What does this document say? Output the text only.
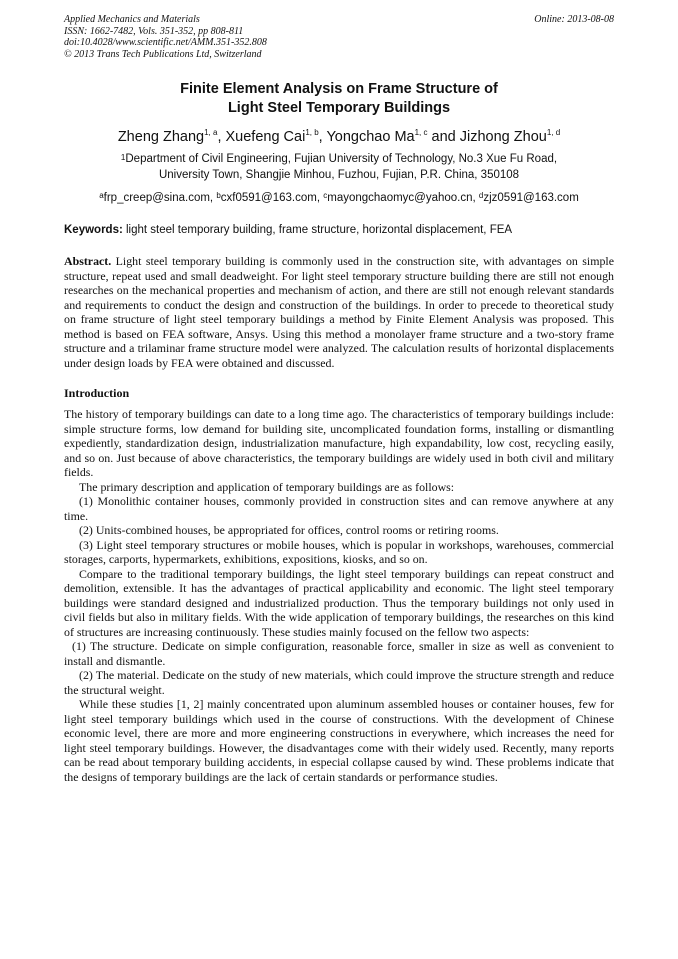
Applied Mechanics and Materials
ISSN: 1662-7482, Vols. 351-352, pp 808-811
doi:10.4028/www.scientific.net/AMM.351-352.808
© 2013 Trans Tech Publications Ltd, Switzerland
Online: 2013-08-08
Finite Element Analysis on Frame Structure of
Light Steel Temporary Buildings
Zheng Zhang$^{1, a}$, Xuefeng Cai$^{1, b}$, Yongchao Ma$^{1, c}$ and Jizhong Zhou$^{1, d}$
$^1$Department of Civil Engineering, Fujian University of Technology, No.3 Xue Fu Road,
University Town, Shangjie Minhou, Fuzhou, Fujian, P.R. China, 350108
$^a$frp_creep@sina.com, $^b$cxf0591@163.com, $^c$mayongchaomyc@yahoo.cn, $^d$zjz0591@163.com
Keywords: light steel temporary building, frame structure, horizontal displacement, FEA
Abstract. Light steel temporary building is commonly used in the construction site, with advantages on simple structure, repeat used and small deadweight. For light steel temporary structure building there are still not enough researches on the mechanical properties and mechanism of action, and there are still not enough relevant standards and requirements to conduct the design and construction of the buildings. In order to precede to theoretical study on frame structure of light steel temporary buildings a method by Finite Element Analysis was proposed. This method is based on FEA software, Ansys. Using this method a monolayer frame structure and a two-story frame structure and a trilaminar frame structure model were analyzed. The calculation results of horizontal displacements under design loads by FEA were obtained and discussed.
Introduction

The history of temporary buildings can date to a long time ago. The characteristics of temporary buildings include: simple structure forms, low demand for building site, uncomplicated foundation forms, installing or dismantling expediently, standardization design, industrialization manufacture, high expandability, low cost, recycling easily, and so on. Just because of above characteristics, the temporary buildings are widely used in both civil and military fields.

The primary description and application of temporary buildings are as follows:

(1) Monolithic container houses, commonly provided in construction sites and can remove anywhere at any time.

(2) Units-combined houses, be appropriated for offices, control rooms or retiring rooms.

(3) Light steel temporary structures or mobile houses, which is popular in workshops, warehouses, commercial storages, carports, hypermarkets, exhibitions, expositions, kiosks, and so on.

Compare to the traditional temporary buildings, the light steel temporary buildings can repeat construct and demolition, extensible. It has the advantages of practical applicability and economic. The light steel temporary buildings were standard designed and industrialized production. Thus the temporary buildings not only used in civil fields but also in military fields. With the wide application of temporary buildings, the researches on this kind of structures are increasing continuously. These studies mainly focused on the fellow two aspects:

(1) The structure. Dedicate on simple configuration, reasonable force, smaller in size as well as convenient to install and dismantle.

(2) The material. Dedicate on the study of new materials, which could improve the structure strength and reduce the structural weight.

While these studies [1, 2] mainly concentrated upon aluminum assembled houses or container houses, few for light steel temporary buildings which used in the course of constructions. With the development of Chinese economic level, there are more and more engineering constructions in everywhere, which increases the need for light steel temporary buildings. However, the disadvantages come with their widely used. Recently, many reports can be read about temporary building accidents, in especial collapse caused by wind. These problems indicate that the designs of temporary buildings are the lack of certain standards or performance studies.
